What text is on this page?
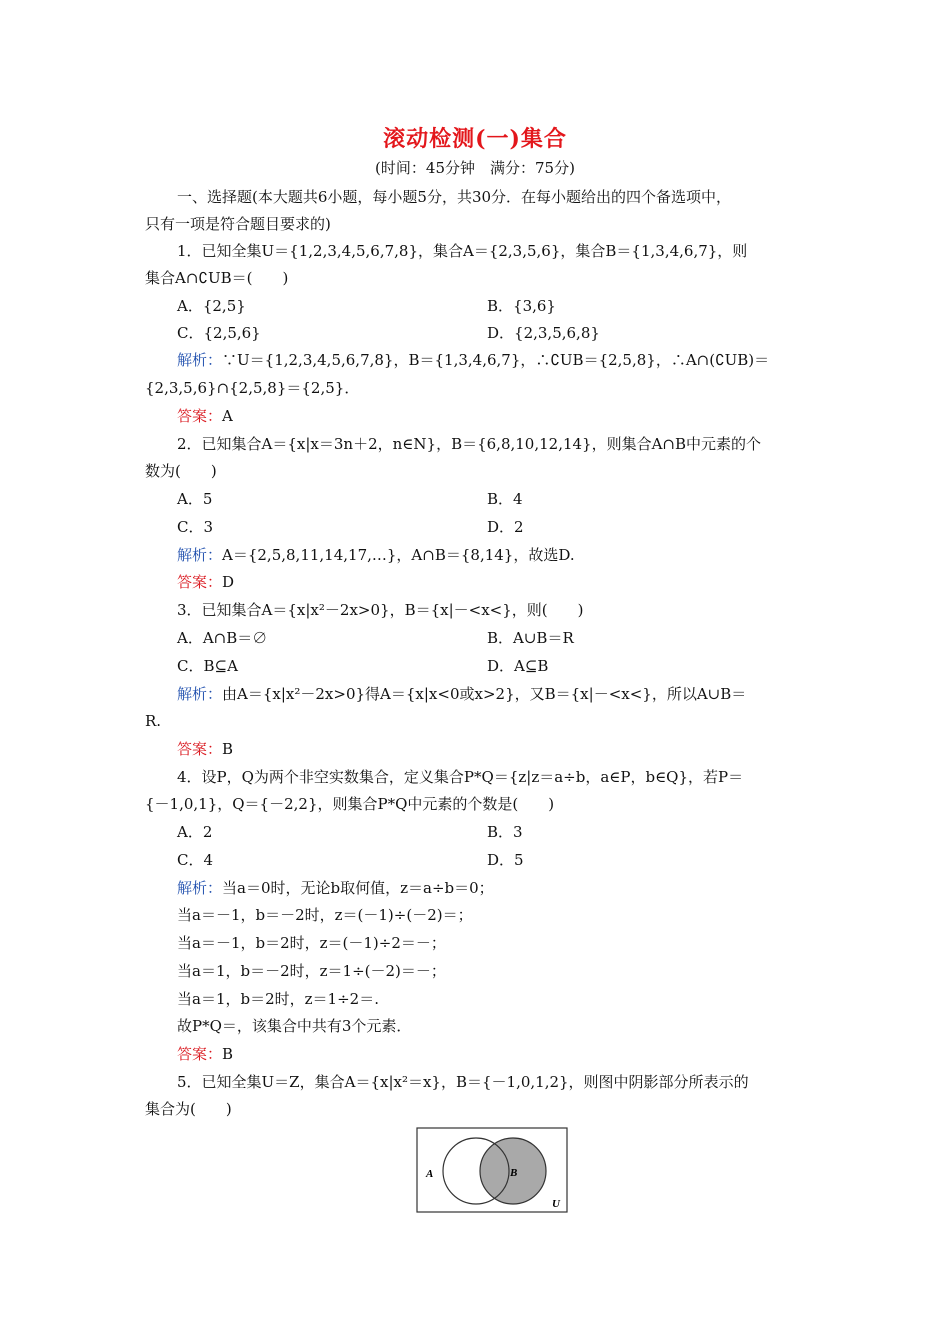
滚动检测(一)集合
(时间：45分钟　满分：75分)
一、选择题(本大题共6小题，每小题5分，共30分．在每小题给出的四个备选项中，
只有一项是符合题目要求的)
1．已知全集U＝{1,2,3,4,5,6,7,8}，集合A＝{2,3,5,6}，集合B＝{1,3,4,6,7}，则
集合A∩∁UB＝(　　)
A．{2,5}	B．{3,6}
C．{2,5,6}	D．{2,3,5,6,8}
解析：∵U＝{1,2,3,4,5,6,7,8}，B＝{1,3,4,6,7}，∴∁UB＝{2,5,8}，∴A∩(∁UB)＝
{2,3,5,6}∩{2,5,8}＝{2,5}．
答案：A
2．已知集合A＝{x|x＝3n＋2，n∈N}，B＝{6,8,10,12,14}，则集合A∩B中元素的个
数为(　　)
A．5	B．4
C．3	D．2
解析：A＝{2,5,8,11,14,17,…}，A∩B＝{8,14}，故选D.
答案：D
3．已知集合A＝{x|x²－2x>0}，B＝{x|－<x<}，则(　　)
A．A∩B＝∅	B．A∪B＝R
C．B⊆A	D．A⊆B
解析：由A＝{x|x²－2x>0}得A＝{x|x<0或x>2}，又B＝{x|－<x<}，所以A∪B＝
R.
答案：B
4．设P，Q为两个非空实数集合，定义集合P*Q＝{z|z＝a÷b，a∈P，b∈Q}，若P＝
{－1,0,1}，Q＝{－2,2}，则集合P*Q中元素的个数是(　　)
A．2	B．3
C．4	D．5
解析：当a＝0时，无论b取何值，z＝a÷b＝0；
当a＝－1，b＝－2时，z＝(－1)÷(－2)＝；
当a＝－1，b＝2时，z＝(－1)÷2＝－；
当a＝1，b＝－2时，z＝1÷(－2)＝－；
当a＝1，b＝2时，z＝1÷2＝.
故P*Q＝，该集合中共有3个元素．
答案：B
5．已知全集U＝Z，集合A＝{x|x²＝x}，B＝{－1,0,1,2}，则图中阴影部分所表示的
集合为(　　)
A	B
U
